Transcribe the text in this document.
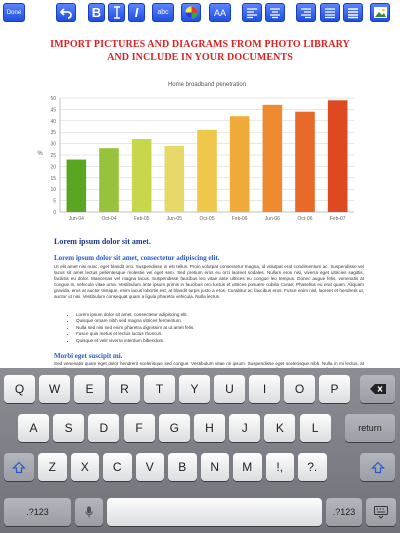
Done	B	I	abc	AA
IMPORT PICTURES AND DIAGRAMS FROM PHOTO LIBRARY
AND INCLUDE IN YOUR DOCUMENTS
Home broadband penetration
%
0
5
10
15
20
25
30
35
40
45
50
Jun-04	Oct-04	Feb-05	Jun-05	Oct-05	Feb-06	Jun-06	Oct-06	Feb-07
Lorem ipsum dolor sit amet.
Lorem ipsum dolor sit amet, consectetur adipiscing elit.
Ut elit amet nisi nunc, eget blandit orci. Suspendisse in est tellus. Proin volutpat consectetur magna, id volutpat erat condimentum ac. Suspendisse vel lacus sit amet lectus pellentesque molestie vel eget sem. Sed pretium eros eu orci laoreet sodales. Nullam eros nisi, viverra eget ultricies sagittis, facilisis eu dolor. Maecenas vel magna lacus. Suspendisse faucibus leo vitae ante ultrices eu congue leo tempus. Donec augue felis, venenatis at congue in, vehicula vitae urna. Vestibulum ante ipsum primis in faucibus orci luctus et ultrices posuere cubilia Curae; Phasellus eu erat quam. Aliquam gravida, eros at auctor tristique, enim lacus lobortis est, at blandit turpis justo a eros. Curabitur ac faucibus eros. Fusce enim nisl, laoreet et hendrerit ut, auctor ut nisi. Vestibulum consequat quam a ligula pharetra vehicula. Nulla lectus.
• Lorem ipsum dolor sit amet, consectetur adipiscing elit.
• Quisque ornare nibh sed magna ultrices fermentum.
• Nulla sed nisi sed enim pharetra dignissim at ut amet felis.
• Fusce quis metus et lectus luctus rhoncus.
• Quisque et velit viverra interdum bibendum.
Morbi eget suscipit mi.
Sed venenatis quam eget dolor hendrerit scelerisque sed congue. Vestibulum vitae mi ipsum. Suspendisse eget scelerisque nibh. Nulla in mi lectus, at
return
.?123	.?123
Q	W	E	R	T	Y	U	I	O	P
A	S	D	F	G	H	J	K	L
Z	X	C	V	B	N	M	!,	?.
